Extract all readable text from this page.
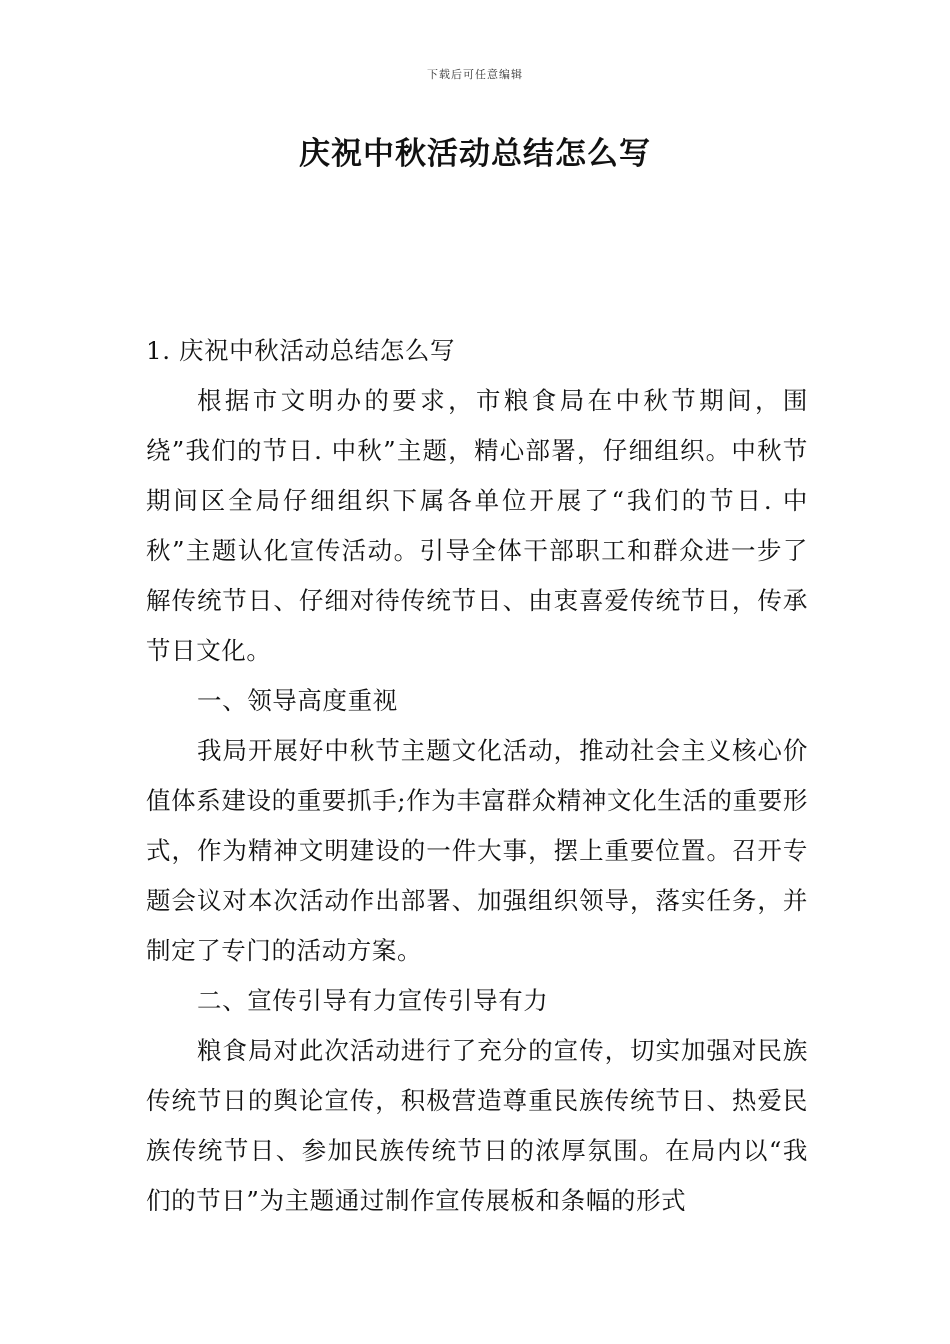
下载后可任意编辑
庆祝中秋活动总结怎么写

1. 庆祝中秋活动总结怎么写

根据市文明办的要求，市粮食局在中秋节期间，围绕”我们的节日. 中秋”主题，精心部署，仔细组织。中秋节期间区全局仔细组织下属各单位开展了“我们的节日. 中秋”主题认化宣传活动。引导全体干部职工和群众进一步了解传统节日、仔细对待传统节日、由衷喜爱传统节日，传承节日文化。

一、领导高度重视

我局开展好中秋节主题文化活动，推动社会主义核心价值体系建设的重要抓手;作为丰富群众精神文化生活的重要形式，作为精神文明建设的一件大事，摆上重要位置。召开专题会议对本次活动作出部署、加强组织领导，落实任务，并制定了专门的活动方案。

二、宣传引导有力宣传引导有力

粮食局对此次活动进行了充分的宣传，切实加强对民族传统节日的舆论宣传，积极营造尊重民族传统节日、热爱民族传统节日、参加民族传统节日的浓厚氛围。在局内以“我们的节日”为主题通过制作宣传展板和条幅的形式
